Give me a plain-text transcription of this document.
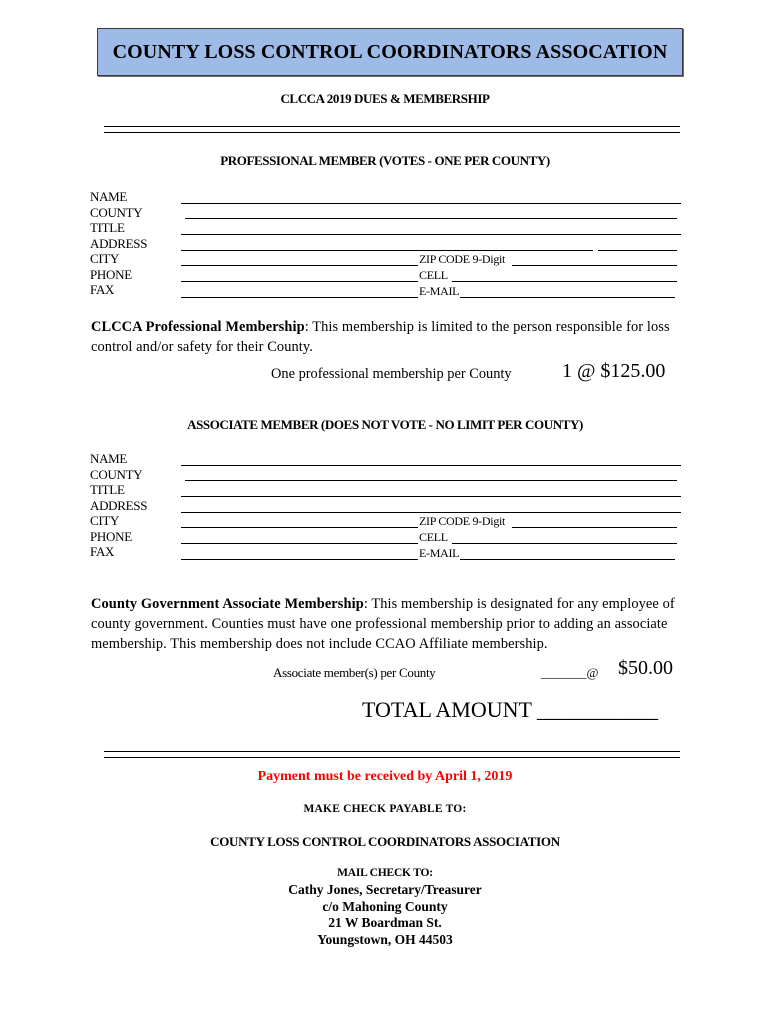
COUNTY LOSS CONTROL COORDINATORS ASSOCATION
CLCCA 2019 DUES & MEMBERSHIP
PROFESSIONAL MEMBER (VOTES - ONE PER COUNTY)
NAME
COUNTY
TITLE
ADDRESS
CITY
PHONE
FAX
ZIP CODE 9-Digit
CELL
E-MAIL
CLCCA Professional Membership: This membership is limited to the person responsible for loss control and/or safety for their County.
One professional membership per County	1 @ $125.00
ASSOCIATE MEMBER (DOES NOT VOTE - NO LIMIT PER COUNTY)
NAME
COUNTY
TITLE
ADDRESS
CITY
PHONE
FAX
ZIP CODE 9-Digit
CELL
E-MAIL
County Government Associate Membership: This membership is designated for any employee of county government. Counties must have one professional membership prior to adding an associate membership. This membership does not include CCAO Affiliate membership.
Associate member(s) per County	_______@ $50.00
TOTAL AMOUNT ___________
Payment must be received by April 1, 2019
MAKE CHECK PAYABLE TO:
COUNTY LOSS CONTROL COORDINATORS ASSOCIATION
MAIL CHECK TO:
Cathy Jones, Secretary/Treasurer
c/o Mahoning County
21 W Boardman St.
Youngstown, OH 44503
